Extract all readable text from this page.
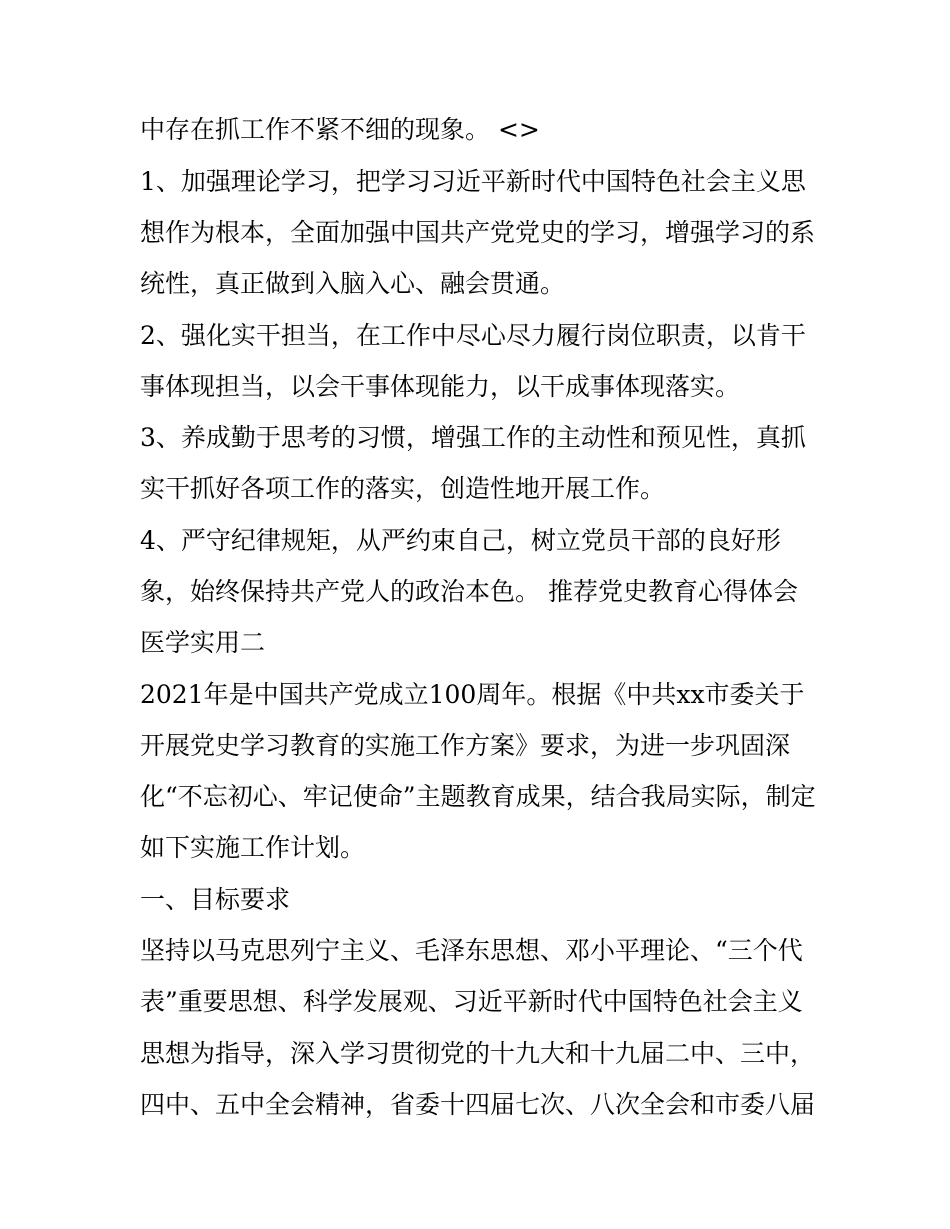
中存在抓工作不紧不细的现象。 <>

1、加强理论学习，把学习习近平新时代中国特色社会主义思

想作为根本，全面加强中国共产党党史的学习，增强学习的系

统性，真正做到入脑入心、融会贯通。

2、强化实干担当，在工作中尽心尽力履行岗位职责，以肯干

事体现担当，以会干事体现能力，以干成事体现落实。

3、养成勤于思考的习惯，增强工作的主动性和预见性，真抓

实干抓好各项工作的落实，创造性地开展工作。

4、严守纪律规矩，从严约束自己，树立党员干部的良好形

象，始终保持共产党人的政治本色。 推荐党史教育心得体会

医学实用二

2021年是中国共产党成立100周年。根据《中共xx市委关于

开展党史学习教育的实施工作方案》要求，为进一步巩固深

化“不忘初心、牢记使命”主题教育成果，结合我局实际，制定

如下实施工作计划。

一、目标要求

坚持以马克思列宁主义、毛泽东思想、邓小平理论、“三个代

表”重要思想、科学发展观、习近平新时代中国特色社会主义

思想为指导，深入学习贯彻党的十九大和十九届二中、三中，

四中、五中全会精神，省委十四届七次、八次全会和市委八届
